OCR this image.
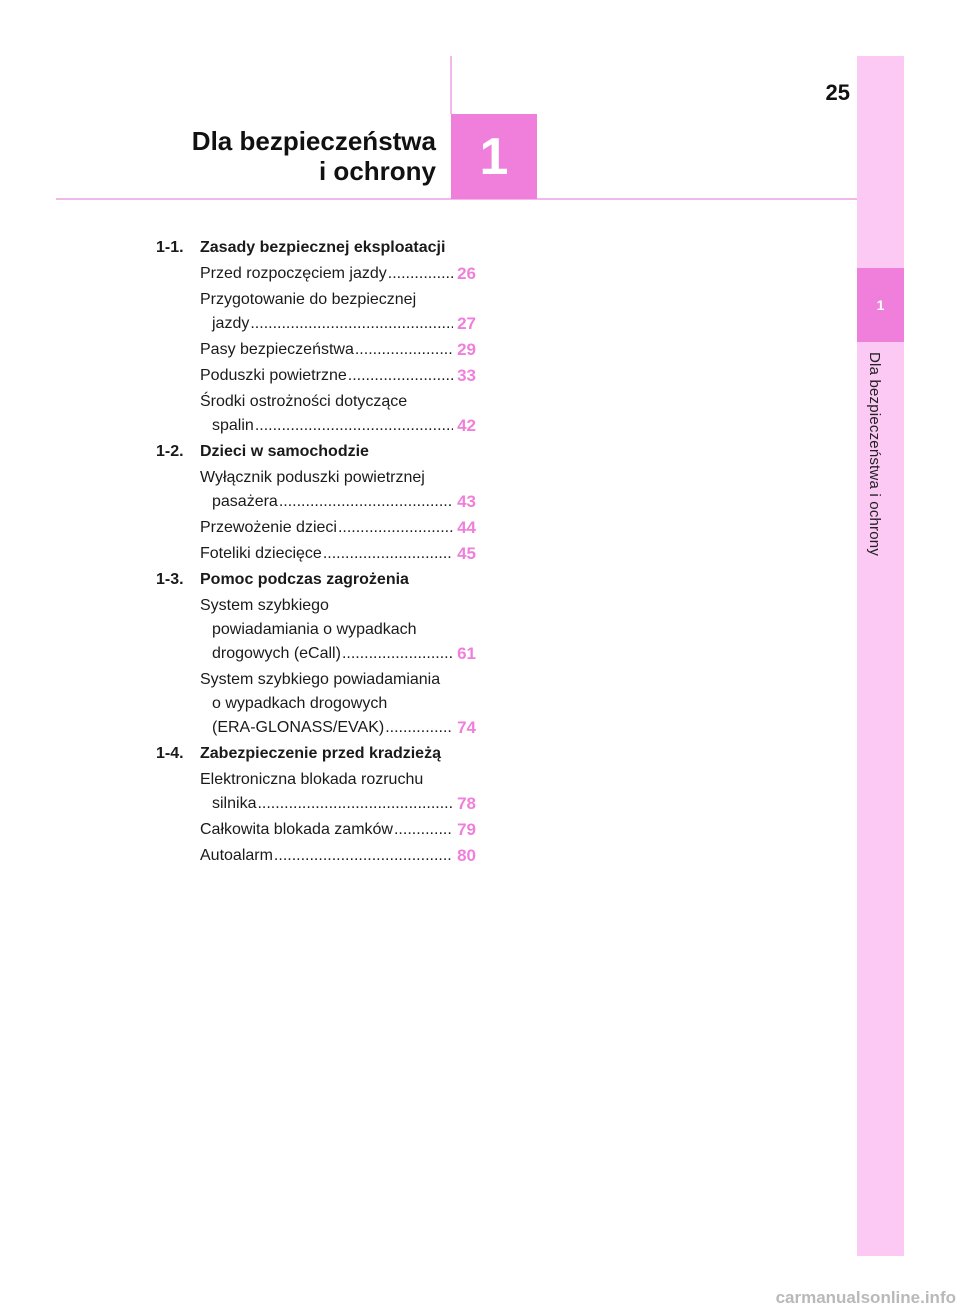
1
Dla bezpieczeństwa i ochrony
1
25
Dla bezpieczeństwa
i ochrony
1-1.	Zasady bezpiecznej eksploatacji
Przed rozpoczęciem jazdy .....	26
Przygotowanie do bezpiecznej
jazdy .....	27
Pasy bezpieczeństwa .....	29
Poduszki powietrzne .....	33
Środki ostrożności dotyczące
spalin .....	42
1-2.	Dzieci w samochodzie
Wyłącznik poduszki powietrznej
pasażera .....	43
Przewożenie dzieci .....	44
Foteliki dziecięce .....	45
1-3.	Pomoc podczas zagrożenia
System szybkiego
powiadamiania o wypadkach
drogowych (eCall) .....	61
System szybkiego powiadamiania
o wypadkach drogowych
(ERA-GLONASS/EVAK) .....	74
1-4.	Zabezpieczenie przed kradzieżą
Elektroniczna blokada rozruchu
silnika .....	78
Całkowita blokada zamków .....	79
Autoalarm .....	80
carmanualsonline.info
